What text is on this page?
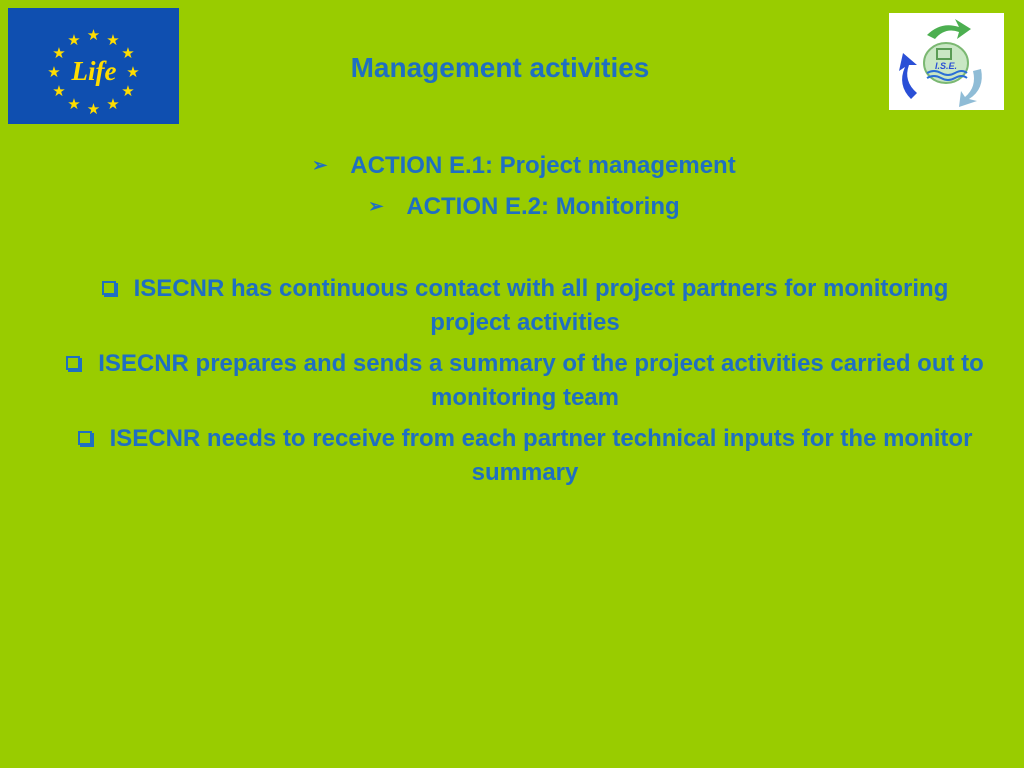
★ ★
★
★
★
★
★
★
★
★
★
★
Life	I.S.E.
Management activities
➢ ACTION E.1: Project management
➢ ACTION E.2: Monitoring
ISECNR has continuous contact with all project partners for monitoring project activities
ISECNR prepares and sends a summary of the project activities carried out to monitoring team
ISECNR needs to receive from each partner technical inputs for the monitor summary
